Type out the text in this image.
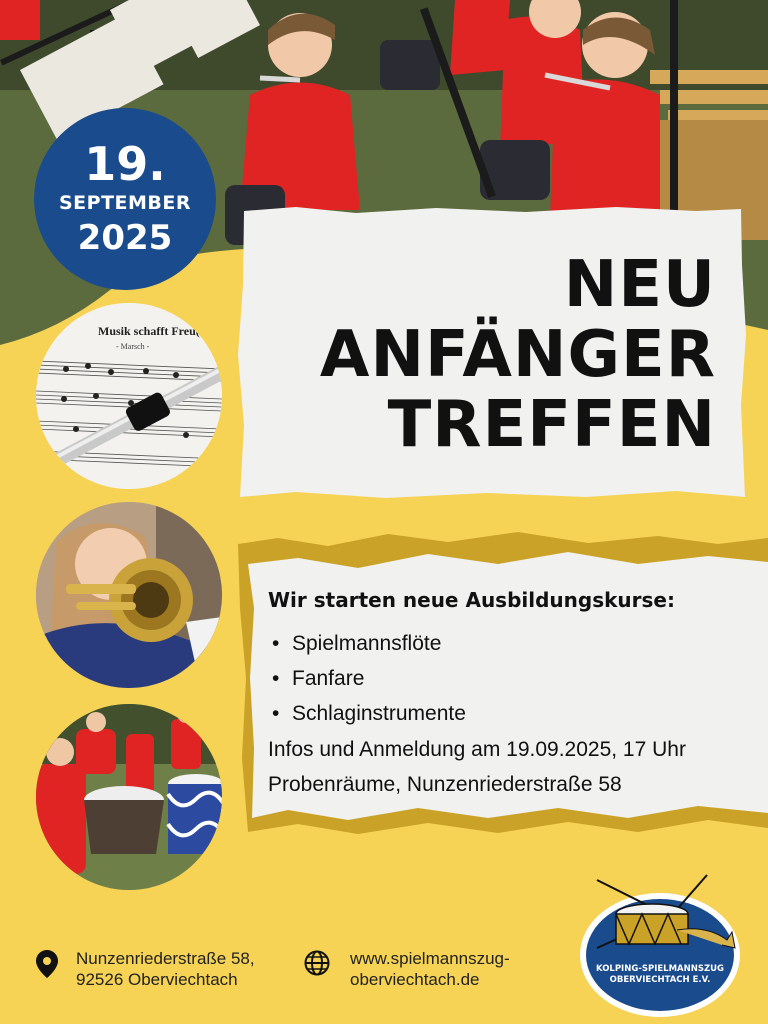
19.
SEPTEMBER
2025
NEU
ANFÄNGER
TREFFEN
Musik schafft Freu(n)de
- Marsch -

Wir starten neue Ausbildungskurse:

• Spielmannsflöte
• Fanfare
• Schlaginstrumente
Infos und Anmeldung am 19.09.2025, 17 Uhr
Probenräume, Nunzenriederstraße 58
Nunzenriederstraße 58,
92526 Oberviechtach
www.spielmannszug-
oberviechtach.de
KOLPING-SPIELMANNSZUG
OBERVIECHTACH E.V.
